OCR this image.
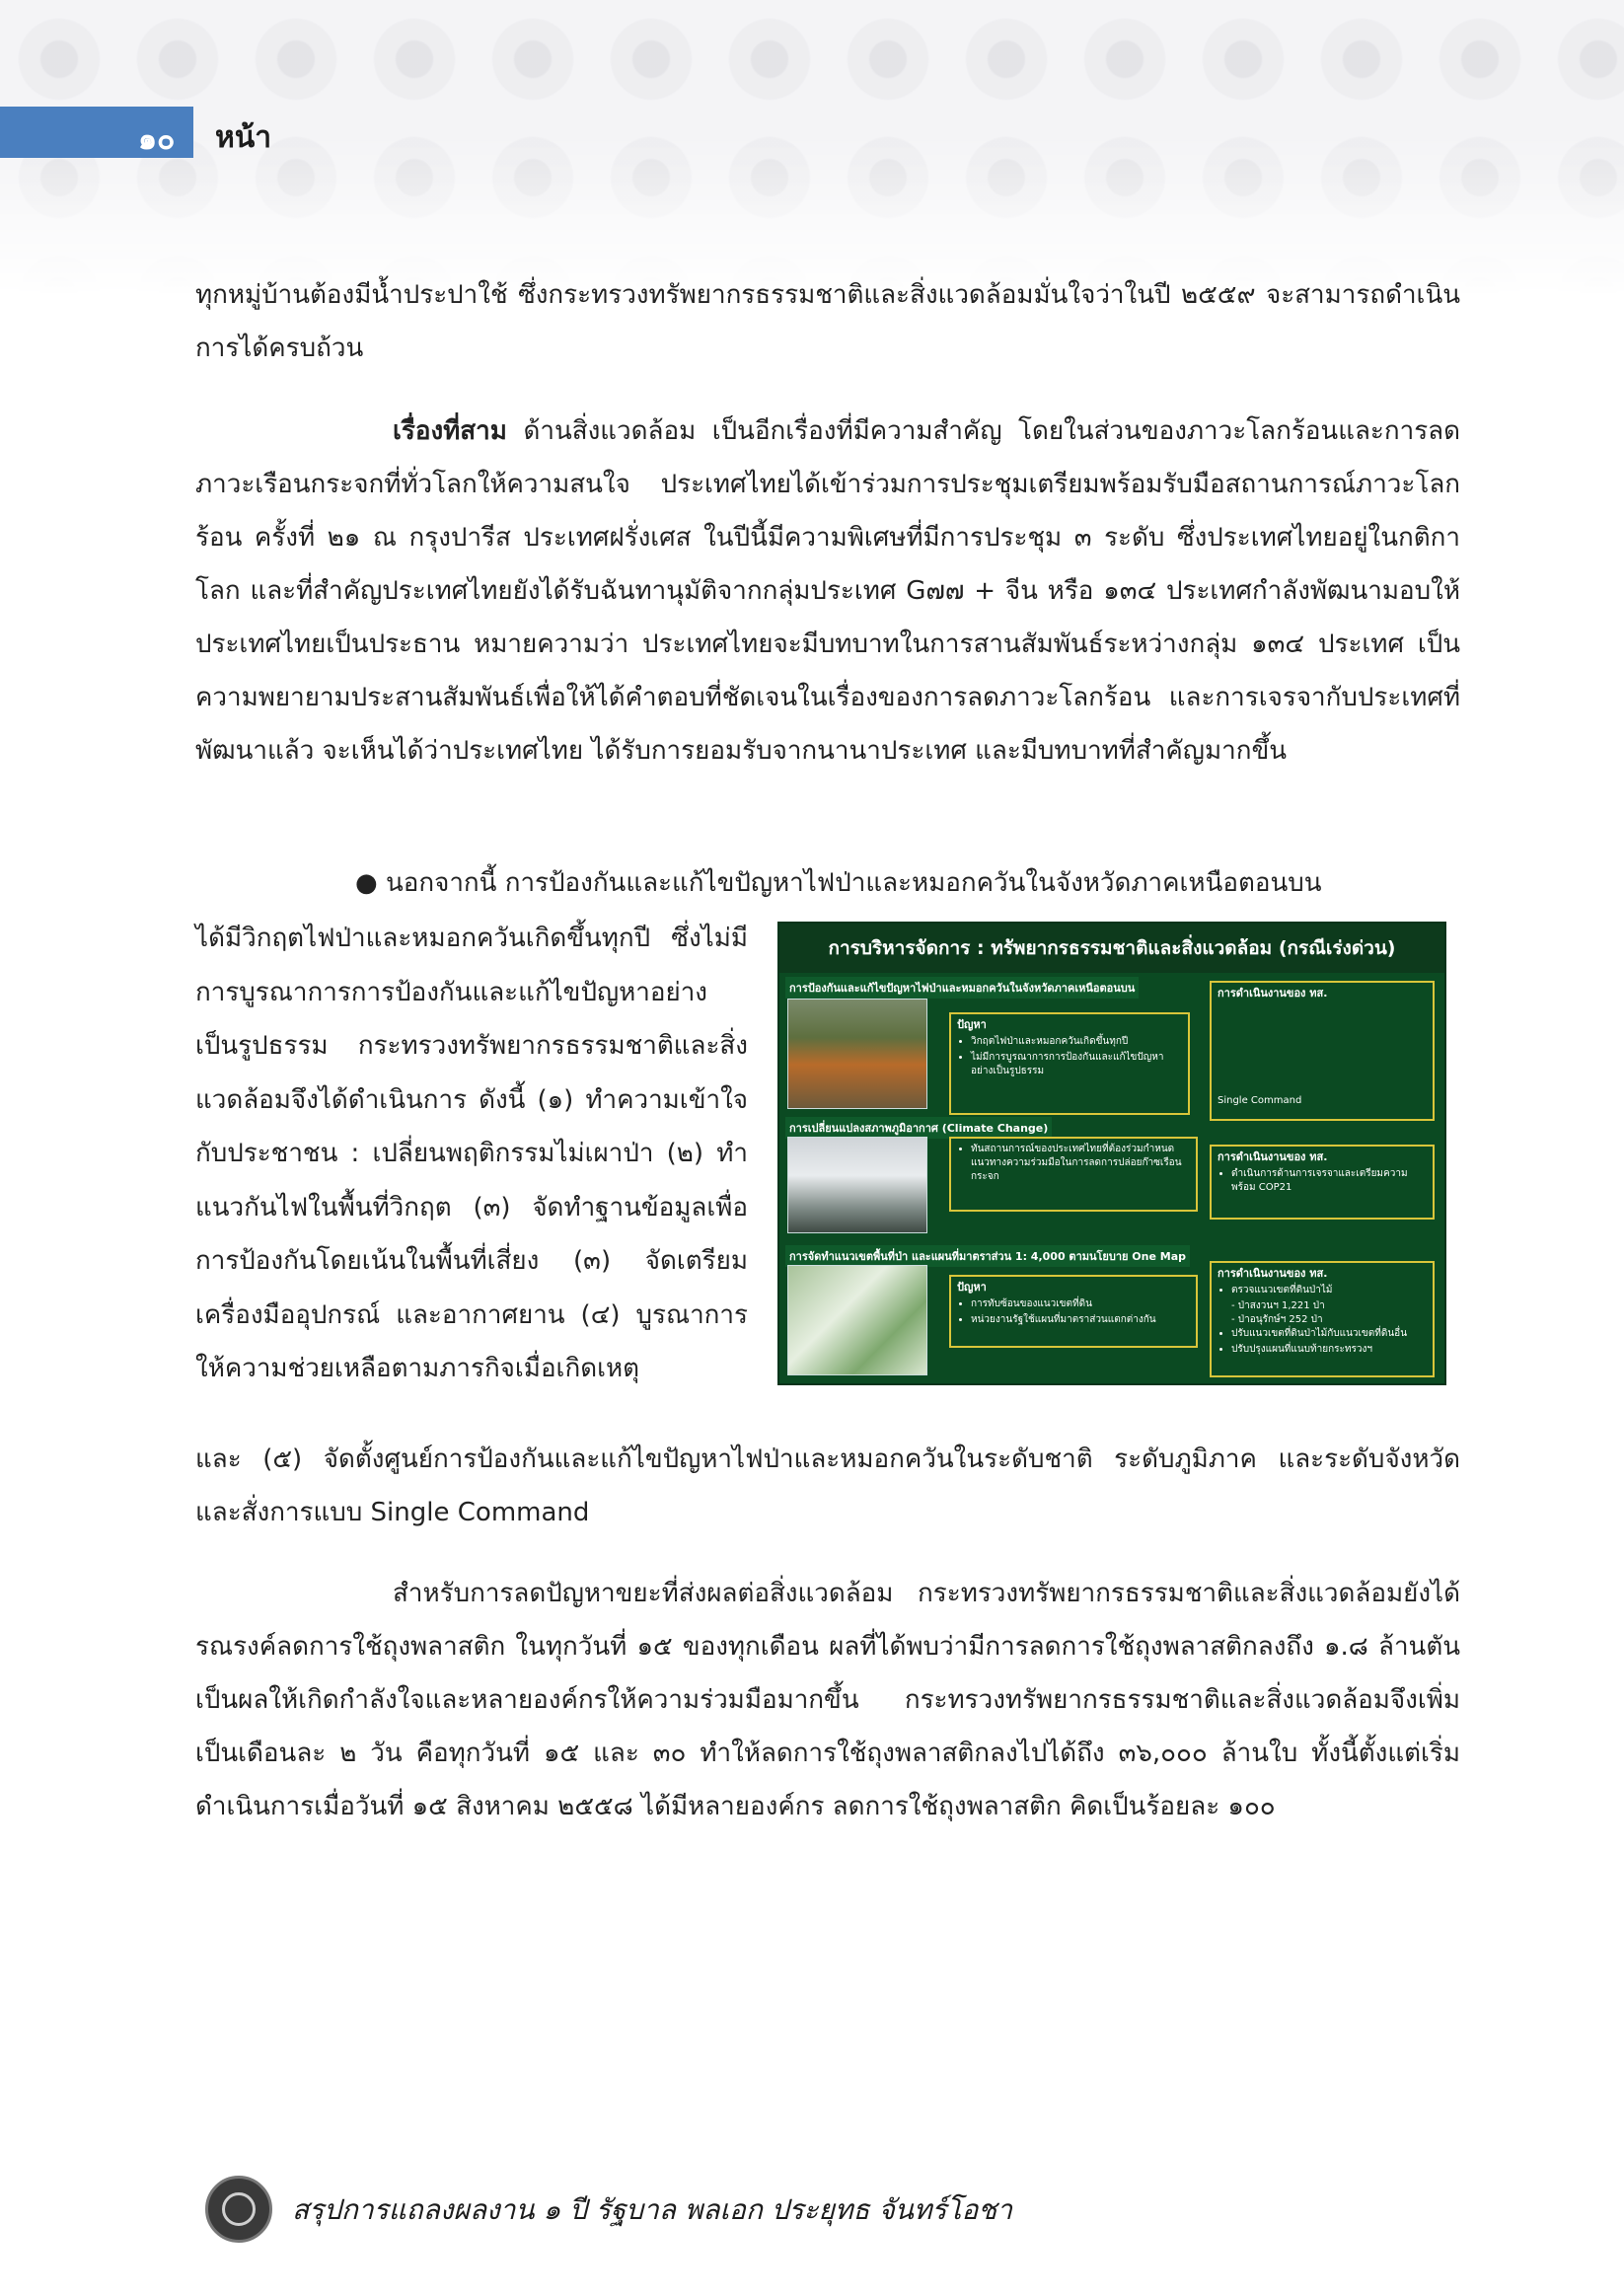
๑๐ หน้า

ทุกหมู่บ้านต้องมีน้ำประปาใช้ ซึ่งกระทรวงทรัพยากรธรรมชาติและสิ่งแวดล้อมมั่นใจว่าในปี ๒๕๕๙ จะสามารถดำเนินการได้ครบถ้วน

เรื่องที่สาม ด้านสิ่งแวดล้อม เป็นอีกเรื่องที่มีความสำคัญ โดยในส่วนของภาวะโลกร้อนและการลดภาวะเรือนกระจกที่ทั่วโลกให้ความสนใจ ประเทศไทยได้เข้าร่วมการประชุมเตรียมพร้อมรับมือสถานการณ์ภาวะโลกร้อน ครั้งที่ ๒๑ ณ กรุงปารีส ประเทศฝรั่งเศส ในปีนี้มีความพิเศษที่มีการประชุม ๓ ระดับ ซึ่งประเทศไทยอยู่ในกติกาโลก และที่สำคัญประเทศไทยยังได้รับฉันทานุมัติจากกลุ่มประเทศ G๗๗ + จีน หรือ ๑๓๔ ประเทศกำลังพัฒนามอบให้ประเทศไทยเป็นประธาน หมายความว่า ประเทศไทยจะมีบทบาทในการสานสัมพันธ์ระหว่างกลุ่ม ๑๓๔ ประเทศ เป็นความพยายามประสานสัมพันธ์เพื่อให้ได้คำตอบที่ชัดเจนในเรื่องของการลดภาวะโลกร้อน และการเจรจากับประเทศที่พัฒนาแล้ว จะเห็นได้ว่าประเทศไทย ได้รับการยอมรับจากนานาประเทศ และมีบทบาทที่สำคัญมากขึ้น

● นอกจากนี้ การป้องกันและแก้ไขปัญหาไฟป่าและหมอกควันในจังหวัดภาคเหนือตอนบน
ได้มีวิกฤตไฟป่าและหมอกควันเกิดขึ้นทุกปี ซึ่งไม่มีการบูรณาการการป้องกันและแก้ไขปัญหาอย่างเป็นรูปธรรม กระทรวงทรัพยากรธรรมชาติและสิ่งแวดล้อมจึงได้ดำเนินการ ดังนี้ (๑) ทำความเข้าใจกับประชาชน : เปลี่ยนพฤติกรรมไม่เผาป่า (๒) ทำแนวกันไฟในพื้นที่วิกฤต (๓) จัดทำฐานข้อมูลเพื่อการป้องกันโดยเน้นในพื้นที่เสี่ยง (๓) จัดเตรียมเครื่องมืออุปกรณ์ และอากาศยาน (๔) บูรณาการให้ความช่วยเหลือตามภารกิจเมื่อเกิดเหตุ
การบริหารจัดการ : ทรัพยากรธรรมชาติและสิ่งแวดล้อม (กรณีเร่งด่วน)
การป้องกันและแก้ไขปัญหาไฟป่าและหมอกควันในจังหวัดภาคเหนือตอนบน
ปัญหา
• วิกฤตไฟป่าและหมอกควันเกิดขึ้นทุกปี
• ไม่มีการบูรณาการการป้องกันและแก้ไขปัญหาอย่างเป็นรูปธรรม
การดำเนินงานของ ทส.
Single Command
การเปลี่ยนแปลงสภาพภูมิอากาศ (Climate Change)
• ทันสถานการณ์ของประเทศไทยที่ต้องร่วมกำหนดแนวทางความร่วมมือในการลดการปล่อยก๊าซเรือนกระจก
การดำเนินงานของ ทส.
• ดำเนินการด้านการเจรจาและเตรียมความพร้อม COP21
การจัดทำแนวเขตพื้นที่ป่า และแผนที่มาตราส่วน 1: 4,000 ตามนโยบาย One Map
ปัญหา
• การทับซ้อนของแนวเขตที่ดิน
• หน่วยงานรัฐใช้แผนที่มาตราส่วนแตกต่างกัน
การดำเนินงานของ ทส.
• ตรวจแนวเขตที่ดินป่าไม้
- ป่าสงวนฯ 1,221 ป่า
- ป่าอนุรักษ์ฯ 252 ป่า
• ปรับแนวเขตที่ดินป่าไม้กับแนวเขตที่ดินอื่น
• ปรับปรุงแผนที่แนบท้ายกระทรวงฯ

และ (๕) จัดตั้งศูนย์การป้องกันและแก้ไขปัญหาไฟป่าและหมอกควันในระดับชาติ ระดับภูมิภาค และระดับจังหวัด และสั่งการแบบ Single Command

สำหรับการลดปัญหาขยะที่ส่งผลต่อสิ่งแวดล้อม กระทรวงทรัพยากรธรรมชาติและสิ่งแวดล้อมยังได้รณรงค์ลดการใช้ถุงพลาสติก ในทุกวันที่ ๑๕ ของทุกเดือน ผลที่ได้พบว่ามีการลดการใช้ถุงพลาสติกลงถึง ๑.๘ ล้านตัน เป็นผลให้เกิดกำลังใจและหลายองค์กรให้ความร่วมมือมากขึ้น กระทรวงทรัพยากรธรรมชาติและสิ่งแวดล้อมจึงเพิ่มเป็นเดือนละ ๒ วัน คือทุกวันที่ ๑๕ และ ๓๐ ทำให้ลดการใช้ถุงพลาสติกลงไปได้ถึง ๓๖,๐๐๐ ล้านใบ ทั้งนี้ตั้งแต่เริ่มดำเนินการเมื่อวันที่ ๑๕ สิงหาคม ๒๕๕๘ ได้มีหลายองค์กร ลดการใช้ถุงพลาสติก คิดเป็นร้อยละ ๑๐๐

สรุปการแถลงผลงาน ๑ ปี รัฐบาล พลเอก ประยุทธ จันทร์โอชา
